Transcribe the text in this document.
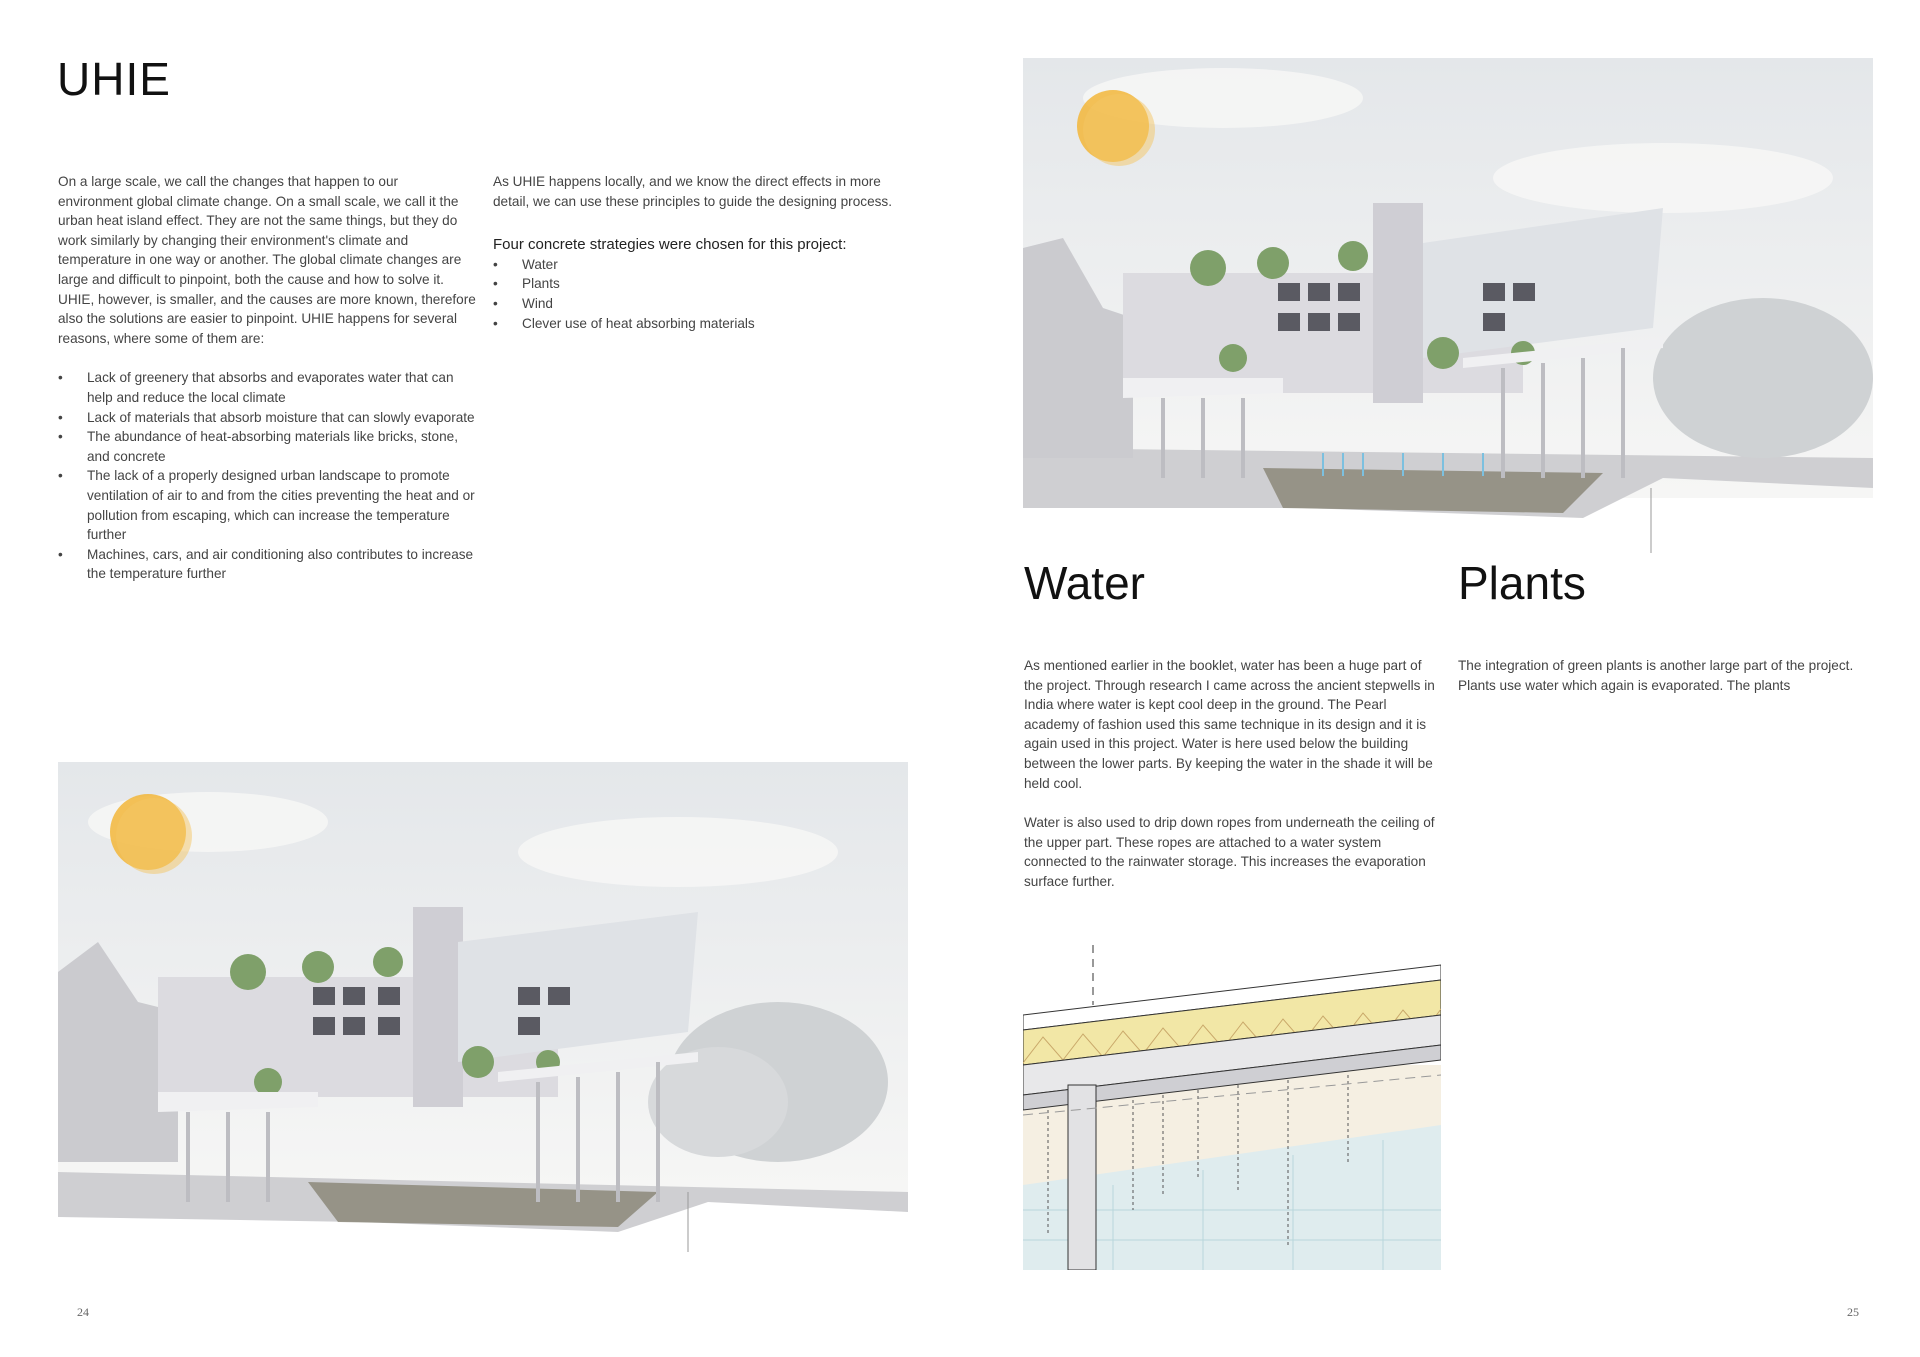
UHIE

On a large scale, we call the changes that happen to our environment global climate change. On a small scale, we call it the urban heat island effect. They are not the same things, but they do work similarly by changing their environment's climate and temperature in one way or another. The global climate changes are large and difficult to pinpoint, both the cause and how to solve it. UHIE, however, is smaller, and the causes are more known, therefore also the solutions are easier to pinpoint. UHIE happens for several reasons, where some of them are:

• Lack of greenery that absorbs and evaporates water that can help and reduce the local climate
• Lack of materials that absorb moisture that can slowly evaporate
• The abundance of heat-absorbing materials like bricks, stone, and concrete
• The lack of a properly designed urban landscape to promote ventilation of air to and from the cities preventing the heat and or pollution from escaping, which can increase the temperature further
• Machines, cars, and air conditioning also contributes to increase the temperature further

As UHIE happens locally, and we know the direct effects in more detail, we can use these principles to guide the designing process.

Four concrete strategies were chosen for this project:

• Water
• Plants
• Wind
• Clever use of heat absorbing materials
24
Water

As mentioned earlier in the booklet, water has been a huge part of the project. Through research I came across the ancient stepwells in India where water is kept cool deep in the ground. The Pearl academy of fashion used this same technique in its design and it is again used in this project. Water is here used below the building between the lower parts. By keeping the water in the shade it will be held cool.

Water is also used to drip down ropes from underneath the ceiling of the upper part. These ropes are attached to a water system connected to the rainwater storage. This increases the evaporation surface further.

Plants

The integration of green plants is another large part of the project. Plants use water which again is evaporated. The plants

25
